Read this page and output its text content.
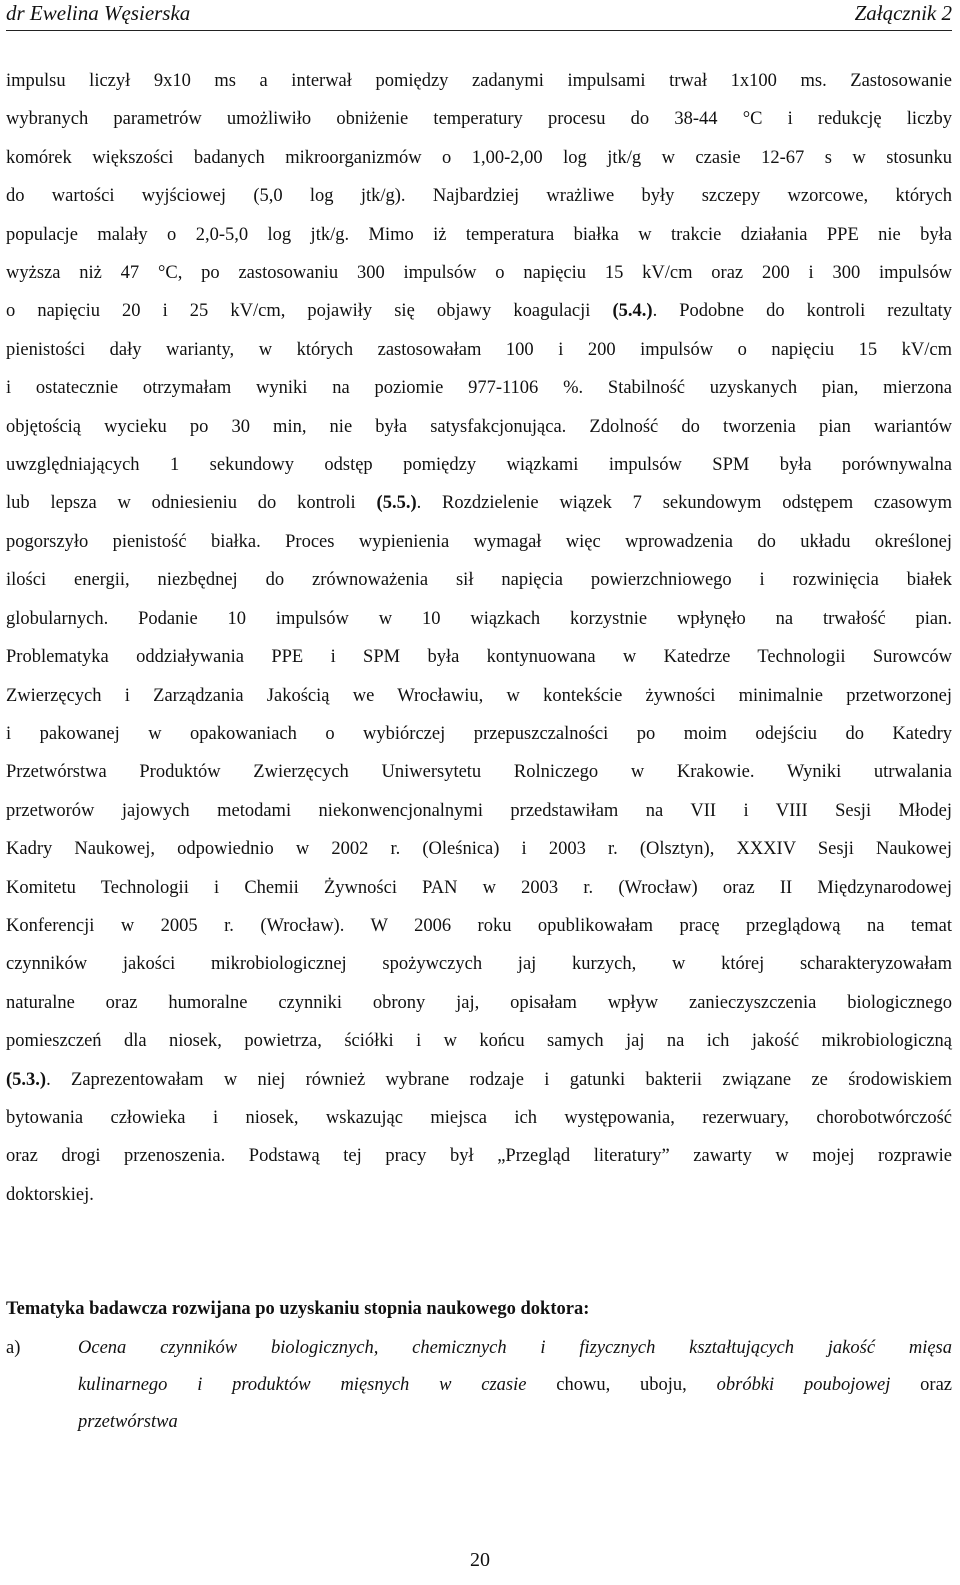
dr Ewelina Węsierska	Załącznik 2
impulsu liczył 9x10 ms a interwał pomiędzy zadanymi impulsami trwał 1x100 ms. Zastosowanie
wybranych parametrów umożliwiło obniżenie temperatury procesu do 38-44 °C i redukcję liczby
komórek większości badanych mikroorganizmów o 1,00-2,00 log jtk/g w czasie 12-67 s w stosunku
do wartości wyjściowej (5,0 log jtk/g). Najbardziej wrażliwe były szczepy wzorcowe, których
populacje malały o 2,0-5,0 log jtk/g. Mimo iż temperatura białka w trakcie działania PPE nie była
wyższa niż 47 °C, po zastosowaniu 300 impulsów o napięciu 15 kV/cm oraz 200 i 300 impulsów
o napięciu 20 i 25 kV/cm, pojawiły się objawy koagulacji (5.4.). Podobne do kontroli rezultaty
pienistości dały warianty, w których zastosowałam 100 i 200 impulsów o napięciu 15 kV/cm
i ostatecznie otrzymałam wyniki na poziomie 977-1106 %. Stabilność uzyskanych pian, mierzona
objętością wycieku po 30 min, nie była satysfakcjonująca. Zdolność do tworzenia pian wariantów
uwzględniających 1 sekundowy odstęp pomiędzy wiązkami impulsów SPM była porównywalna
lub lepsza w odniesieniu do kontroli (5.5.). Rozdzielenie wiązek 7 sekundowym odstępem czasowym
pogorszyło pienistość białka. Proces wypienienia wymagał więc wprowadzenia do układu określonej
ilości energii, niezbędnej do zrównoważenia sił napięcia powierzchniowego i rozwinięcia białek
globularnych. Podanie 10 impulsów w 10 wiązkach korzystnie wpłynęło na trwałość pian.
Problematyka oddziaływania PPE i SPM była kontynuowana w Katedrze Technologii Surowców
Zwierzęcych i Zarządzania Jakością we Wrocławiu, w kontekście żywności minimalnie przetworzonej
i pakowanej w opakowaniach o wybiórczej przepuszczalności po moim odejściu do Katedry
Przetwórstwa Produktów Zwierzęcych Uniwersytetu Rolniczego w Krakowie. Wyniki utrwalania
przetworów jajowych metodami niekonwencjonalnymi przedstawiłam na VII i VIII Sesji Młodej
Kadry Naukowej, odpowiednio w 2002 r. (Oleśnica) i 2003 r. (Olsztyn), XXXIV Sesji Naukowej
Komitetu Technologii i Chemii Żywności PAN w 2003 r. (Wrocław) oraz II Międzynarodowej
Konferencji w 2005 r. (Wrocław). W 2006 roku opublikowałam pracę przeglądową na temat
czynników jakości mikrobiologicznej spożywczych jaj kurzych, w której scharakteryzowałam
naturalne oraz humoralne czynniki obrony jaj, opisałam wpływ zanieczyszczenia biologicznego
pomieszczeń dla niosek, powietrza, ściółki i w końcu samych jaj na ich jakość mikrobiologiczną
(5.3.). Zaprezentowałam w niej również wybrane rodzaje i gatunki bakterii związane ze środowiskiem
bytowania człowieka i niosek, wskazując miejsca ich występowania, rezerwuary, chorobotwórczość
oraz drogi przenoszenia. Podstawą tej pracy był „Przegląd literatury” zawarty w mojej rozprawie
doktorskiej.
Tematyka badawcza rozwijana po uzyskaniu stopnia naukowego doktora:
a)	Ocena czynników biologicznych, chemicznych i fizycznych kształtujących jakość mięsa
kulinarnego i produktów mięsnych w czasie chowu, uboju, obróbki poubojowej oraz
przetwórstwa
20
